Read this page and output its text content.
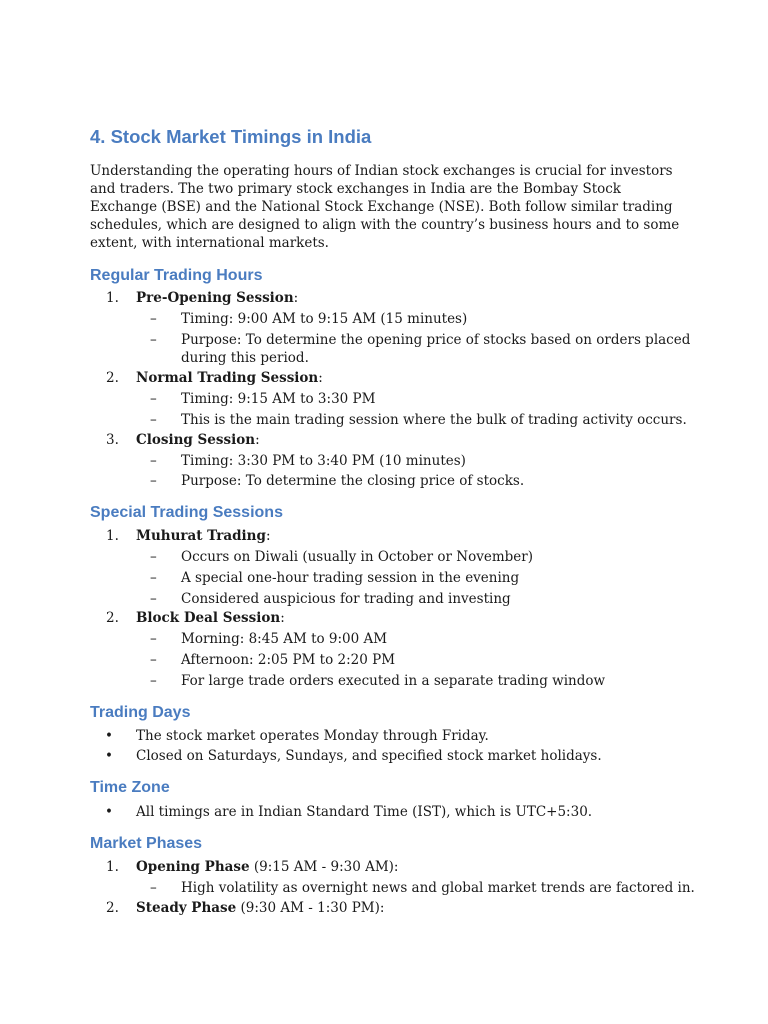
4. Stock Market Timings in India

Understanding the operating hours of Indian stock exchanges is crucial for investors and traders. The two primary stock exchanges in India are the Bombay Stock Exchange (BSE) and the National Stock Exchange (NSE). Both follow similar trading schedules, which are designed to align with the country’s business hours and to some extent, with international markets.

Regular Trading Hours
1. Pre-Opening Session:
– Timing: 9:00 AM to 9:15 AM (15 minutes)
– Purpose: To determine the opening price of stocks based on orders placed
during this period.
2. Normal Trading Session:
– Timing: 9:15 AM to 3:30 PM
– This is the main trading session where the bulk of trading activity occurs.
3. Closing Session:
– Timing: 3:30 PM to 3:40 PM (10 minutes)
– Purpose: To determine the closing price of stocks.
Special Trading Sessions
1. Muhurat Trading:
– Occurs on Diwali (usually in October or November)
– A special one-hour trading session in the evening
– Considered auspicious for trading and investing
2. Block Deal Session:
– Morning: 8:45 AM to 9:00 AM
– Afternoon: 2:05 PM to 2:20 PM
– For large trade orders executed in a separate trading window
Trading Days
• The stock market operates Monday through Friday.
• Closed on Saturdays, Sundays, and specified stock market holidays.
Time Zone
• All timings are in Indian Standard Time (IST), which is UTC+5:30.
Market Phases
1. Opening Phase (9:15 AM - 9:30 AM):
– High volatility as overnight news and global market trends are factored in.
2. Steady Phase (9:30 AM - 1:30 PM):
